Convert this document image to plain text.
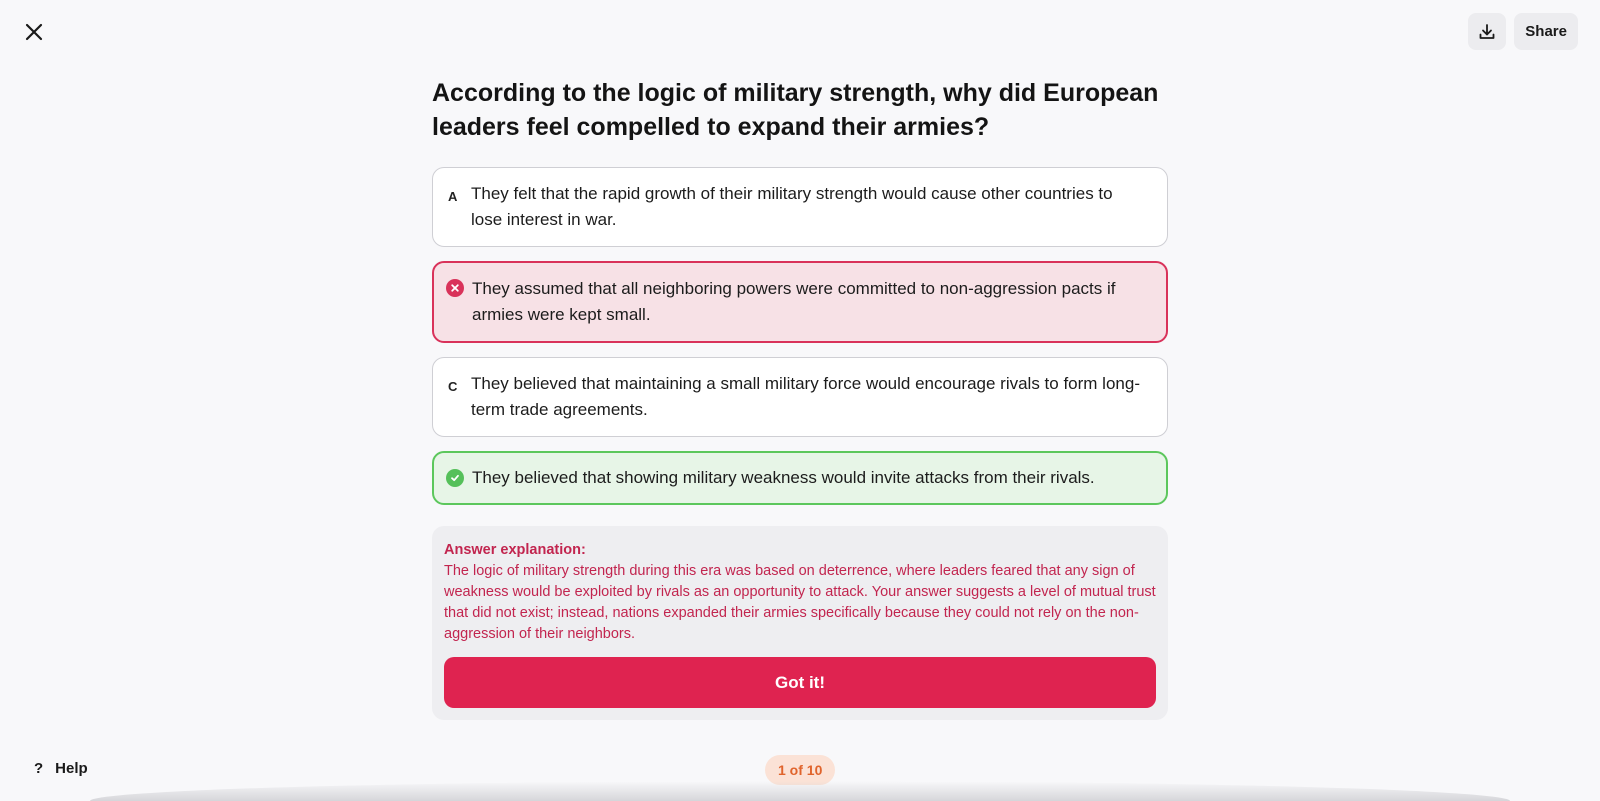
Share
According to the logic of military strength, why did European leaders feel compelled to expand their armies?
A They felt that the rapid growth of their military strength would cause other countries to lose interest in war.
They assumed that all neighboring powers were committed to non-aggression pacts if armies were kept small.
C They believed that maintaining a small military force would encourage rivals to form long-term trade agreements.
They believed that showing military weakness would invite attacks from their rivals.
Answer explanation:
The logic of military strength during this era was based on deterrence, where leaders feared that any sign of weakness would be exploited by rivals as an opportunity to attack. Your answer suggests a level of mutual trust that did not exist; instead, nations expanded their armies specifically because they could not rely on the non-aggression of their neighbors.
Got it!
? Help	1 of 10
